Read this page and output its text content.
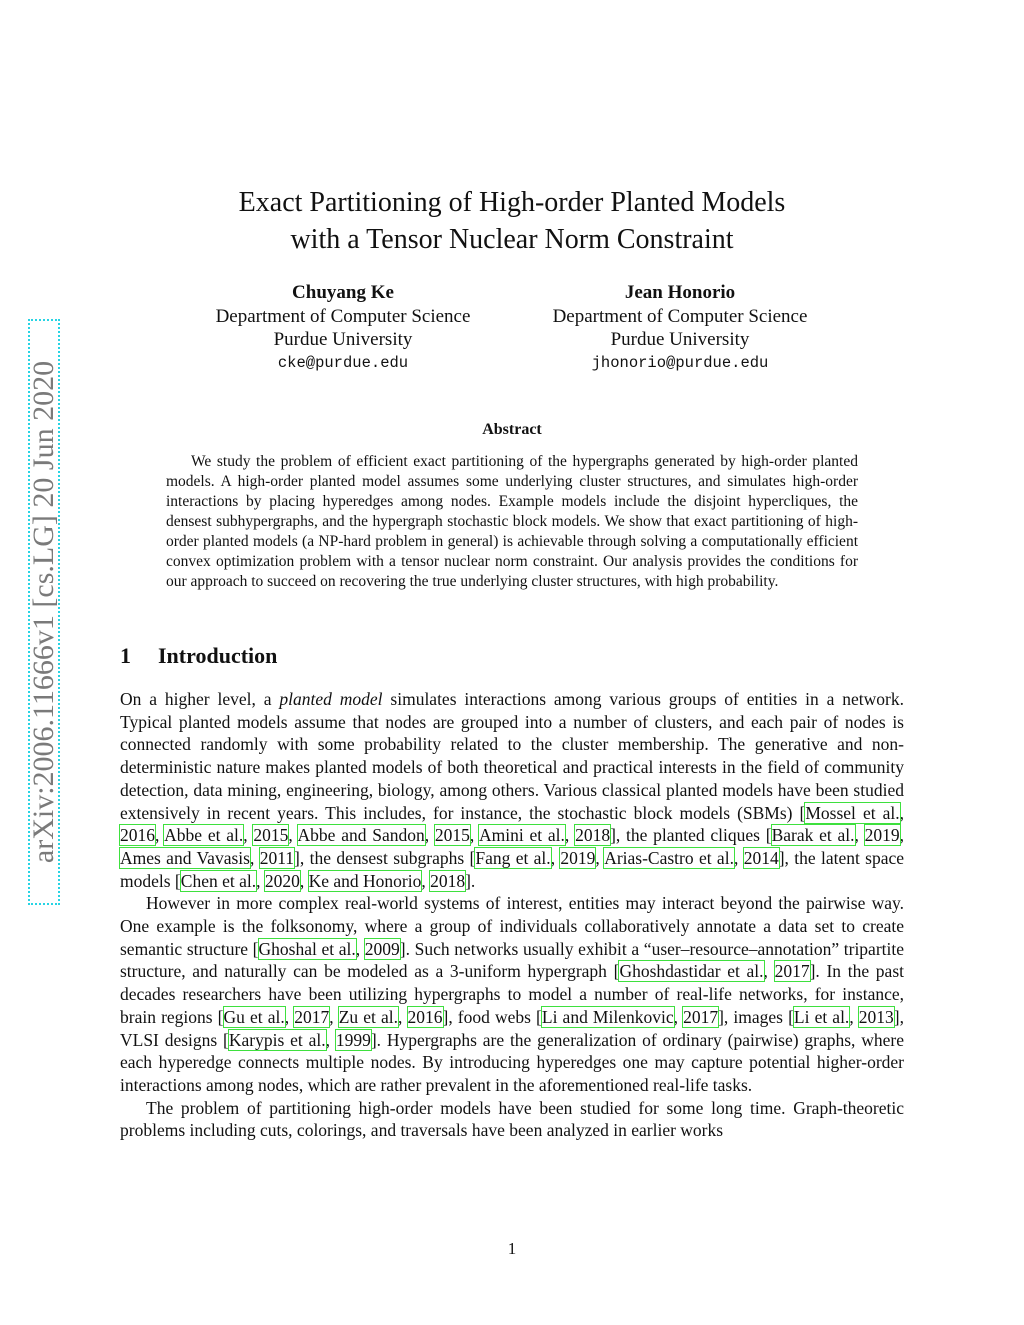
arXiv:2006.11666v1 [cs.LG] 20 Jun 2020
Exact Partitioning of High-order Planted Models
with a Tensor Nuclear Norm Constraint
Chuyang Ke
Department of Computer Science
Purdue University
cke@purdue.edu
Jean Honorio
Department of Computer Science
Purdue University
jhonorio@purdue.edu
Abstract
We study the problem of efficient exact partitioning of the hypergraphs generated by high-order planted models. A high-order planted model assumes some underlying cluster structures, and simulates high-order interactions by placing hyperedges among nodes. Example models include the disjoint hypercliques, the densest subhypergraphs, and the hypergraph stochastic block models. We show that exact partitioning of high-order planted models (a NP-hard problem in general) is achievable through solving a computationally efficient convex optimization problem with a tensor nuclear norm constraint. Our analysis provides the conditions for our approach to succeed on recovering the true underlying cluster structures, with high probability.
1 Introduction

On a higher level, a planted model simulates interactions among various groups of entities in a network. Typical planted models assume that nodes are grouped into a number of clusters, and each pair of nodes is connected randomly with some probability related to the cluster membership. The generative and non-deterministic nature makes planted models of both theoretical and practical interests in the field of community detection, data mining, engineering, biology, among others. Various classical planted models have been studied extensively in recent years. This includes, for instance, the stochastic block models (SBMs) [Mossel et al., 2016, Abbe et al., 2015, Abbe and Sandon, 2015, Amini et al., 2018], the planted cliques [Barak et al., 2019, Ames and Vavasis, 2011], the densest subgraphs [Fang et al., 2019, Arias-Castro et al., 2014], the latent space models [Chen et al., 2020, Ke and Honorio, 2018].

However in more complex real-world systems of interest, entities may interact beyond the pairwise way. One example is the folksonomy, where a group of individuals collaboratively annotate a data set to create semantic structure [Ghoshal et al., 2009]. Such networks usually exhibit a “user–resource–annotation” tripartite structure, and naturally can be modeled as a 3-uniform hypergraph [Ghoshdastidar et al., 2017]. In the past decades researchers have been utilizing hypergraphs to model a number of real-life networks, for instance, brain regions [Gu et al., 2017, Zu et al., 2016], food webs [Li and Milenkovic, 2017], images [Li et al., 2013], VLSI designs [Karypis et al., 1999]. Hypergraphs are the generalization of ordinary (pairwise) graphs, where each hyperedge connects multiple nodes. By introducing hyperedges one may capture potential higher-order interactions among nodes, which are rather prevalent in the aforementioned real-life tasks.

The problem of partitioning high-order models have been studied for some long time. Graph-theoretic problems including cuts, colorings, and traversals have been analyzed in earlier works

1
